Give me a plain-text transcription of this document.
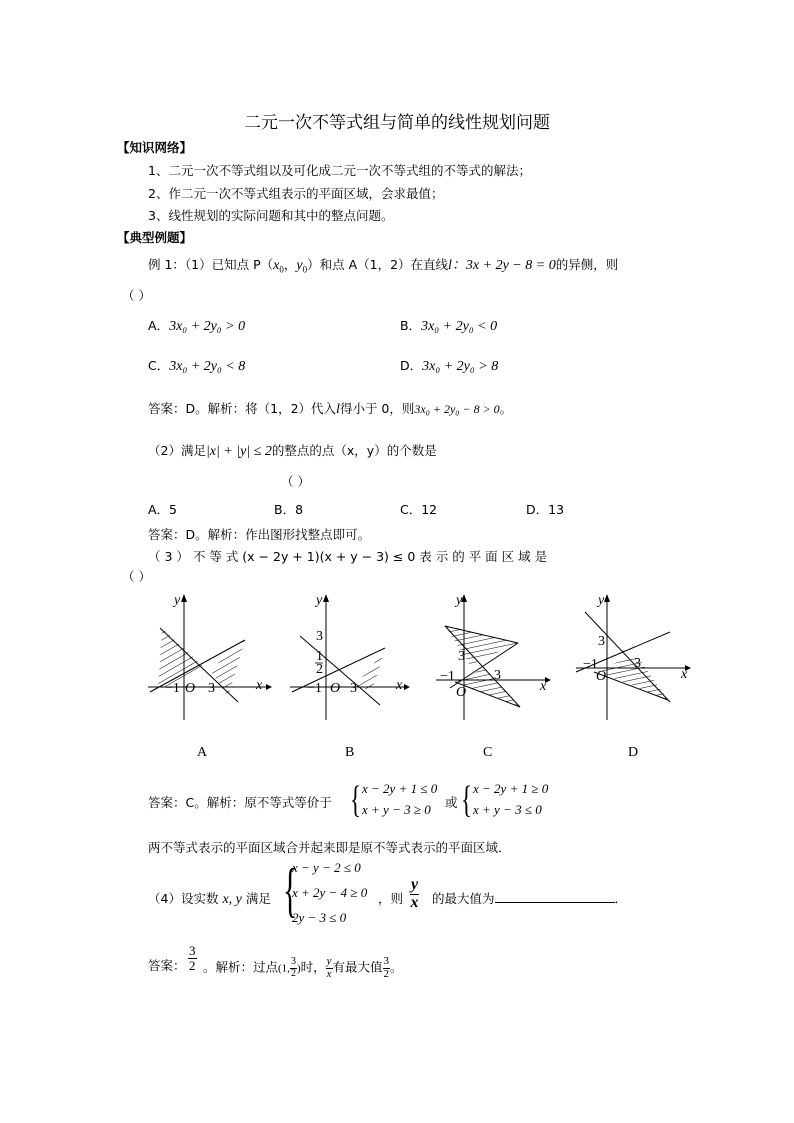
二元一次不等式组与简单的线性规划问题
【知识网络】
1、二元一次不等式组以及可化成二元一次不等式组的不等式的解法；
2、作二元一次不等式组表示的平面区域，会求最值；
3、线性规划的实际问题和其中的整点问题。
【典型例题】
例 1：（1）已知点 $P(x_0$，$y_0$）和点 A（1，2）在直线l：3x + 2y − 8 = 0的异侧，则
（ ）
A．3x₀ + 2y₀ > 0	B．3x₀ + 2y₀ < 0
C．3x₀ + 2y₀ < 8	D．3x₀ + 2y₀ > 8
答案：D。解析：将（1，2）代入l得小于 0，则3x₀ + 2y₀ − 8 > 0。
（2）满足|x| + |y| ≤ 2的整点的点（x，y）的个数是
（ ）
A．5	B．8	C．12	D．13
答案：D。解析：作出图形找整点即可。
（ 3 ） 不 等 式 (x − 2y + 1)(x + y − 3) ≤ 0 表 示 的 平 面 区 域 是
（ ）
x
y
−1 O 3	x
y
3
1
2
−1 O 3	x
y
3
−1
O
3	x
y
3
−1
O
3
A	B	C	D
答案：C。解析：原不等式等价于 { x − 2y + 1 ≤ 0
x + y − 3 ≥ 0 或 { x − 2y + 1 ≥ 0
x + y − 3 ≤ 0
两不等式表示的平面区域合并起来即是原不等式表示的平面区域．
（4）设实数 x, y 满足 {
x − y − 2 ≤ 0
x + 2y − 4 ≥ 0
2y − 3 ≤ 0
，则 $\frac{y}{x}$ 的最大值为	．
答案： $\frac{3}{2}$ 。解析：过点(1, $\frac{3}{2}$ )时， $\frac{y}{x}$ 有最大值 $\frac{3}{2}$ 。
